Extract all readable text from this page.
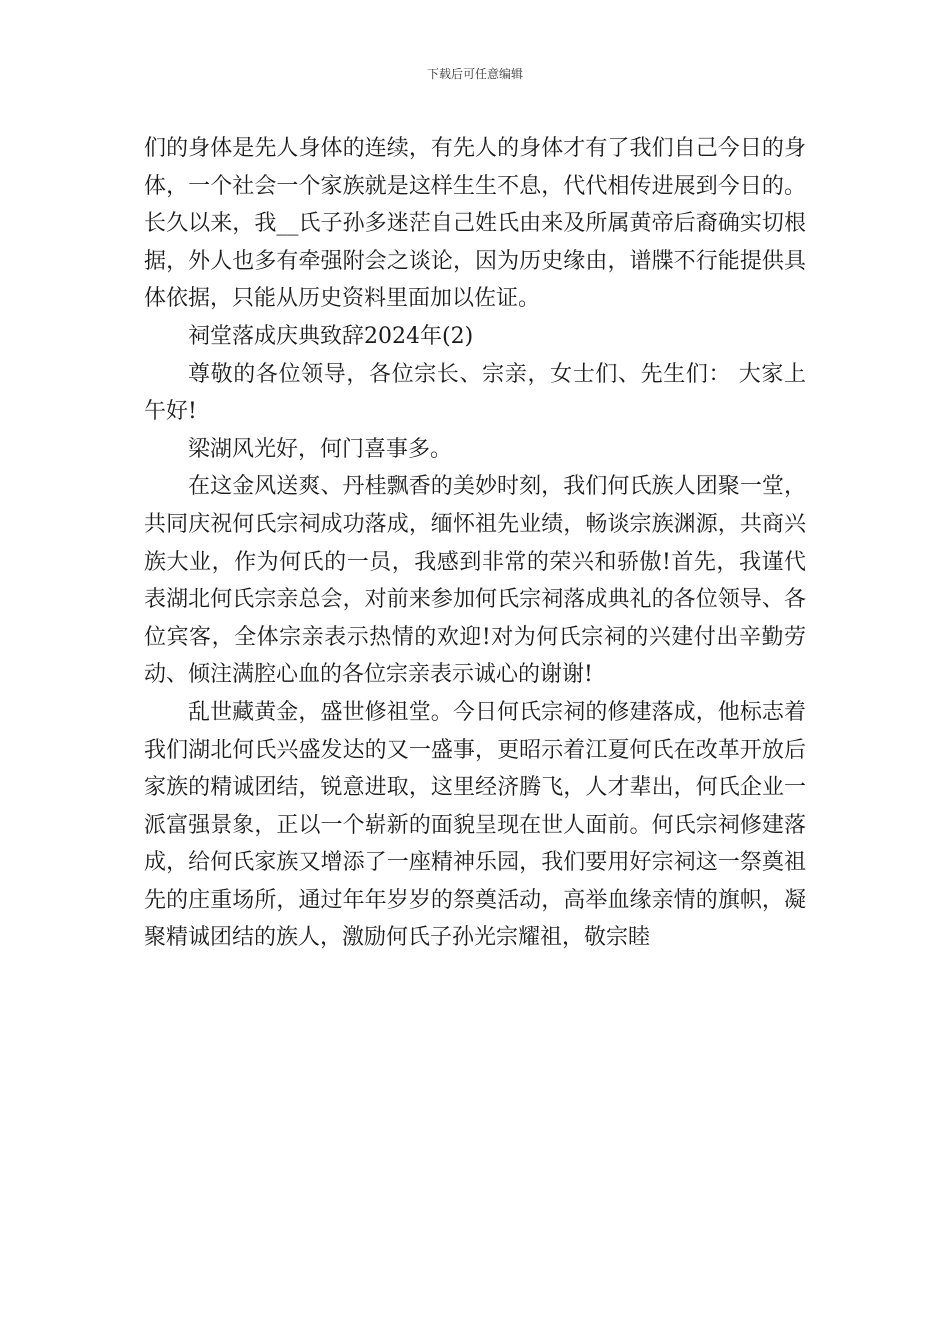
下载后可任意编辑

们的身体是先人身体的连续，有先人的身体才有了我们自己今日的身体，一个社会一个家族就是这样生生不息，代代相传进展到今日的。长久以来，我__氏子孙多迷茫自己姓氏由来及所属黄帝后裔确实切根据，外人也多有牵强附会之谈论，因为历史缘由，谱牒不行能提供具体依据，只能从历史资料里面加以佐证。

祠堂落成庆典致辞2024年(2)

尊敬的各位领导，各位宗长、宗亲，女士们、先生们： 大家上午好!

梁湖风光好，何门喜事多。

在这金风送爽、丹桂飘香的美妙时刻，我们何氏族人团聚一堂，共同庆祝何氏宗祠成功落成，缅怀祖先业绩，畅谈宗族渊源，共商兴族大业，作为何氏的一员，我感到非常的荣兴和骄傲!首先，我谨代表湖北何氏宗亲总会，对前来参加何氏宗祠落成典礼的各位领导、各位宾客，全体宗亲表示热情的欢迎!对为何氏宗祠的兴建付出辛勤劳动、倾注满腔心血的各位宗亲表示诚心的谢谢!

乱世藏黄金，盛世修祖堂。今日何氏宗祠的修建落成，他标志着我们湖北何氏兴盛发达的又一盛事，更昭示着江夏何氏在改革开放后家族的精诚团结，锐意进取，这里经济腾飞，人才辈出，何氏企业一派富强景象，正以一个崭新的面貌呈现在世人面前。何氏宗祠修建落成，给何氏家族又增添了一座精神乐园，我们要用好宗祠这一祭奠祖先的庄重场所，通过年年岁岁的祭奠活动，高举血缘亲情的旗帜，凝聚精诚团结的族人，激励何氏子孙光宗耀祖，敬宗睦
